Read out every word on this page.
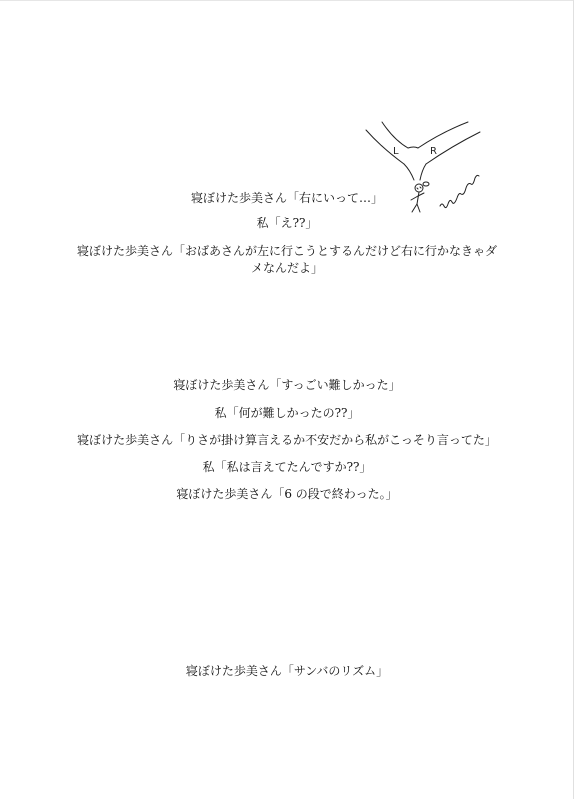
L	R
寝ぼけた歩美さん「右にいって…」
私「え??」
寝ぼけた歩美さん「おばあさんが左に行こうとするんだけど右に行かなきゃダ
メなんだよ」
寝ぼけた歩美さん「すっごい難しかった」
私「何が難しかったの??」
寝ぼけた歩美さん「りさが掛け算言えるか不安だから私がこっそり言ってた」
私「私は言えてたんですか??」
寝ぼけた歩美さん「6 の段で終わった。」
寝ぼけた歩美さん「サンバのリズム」
